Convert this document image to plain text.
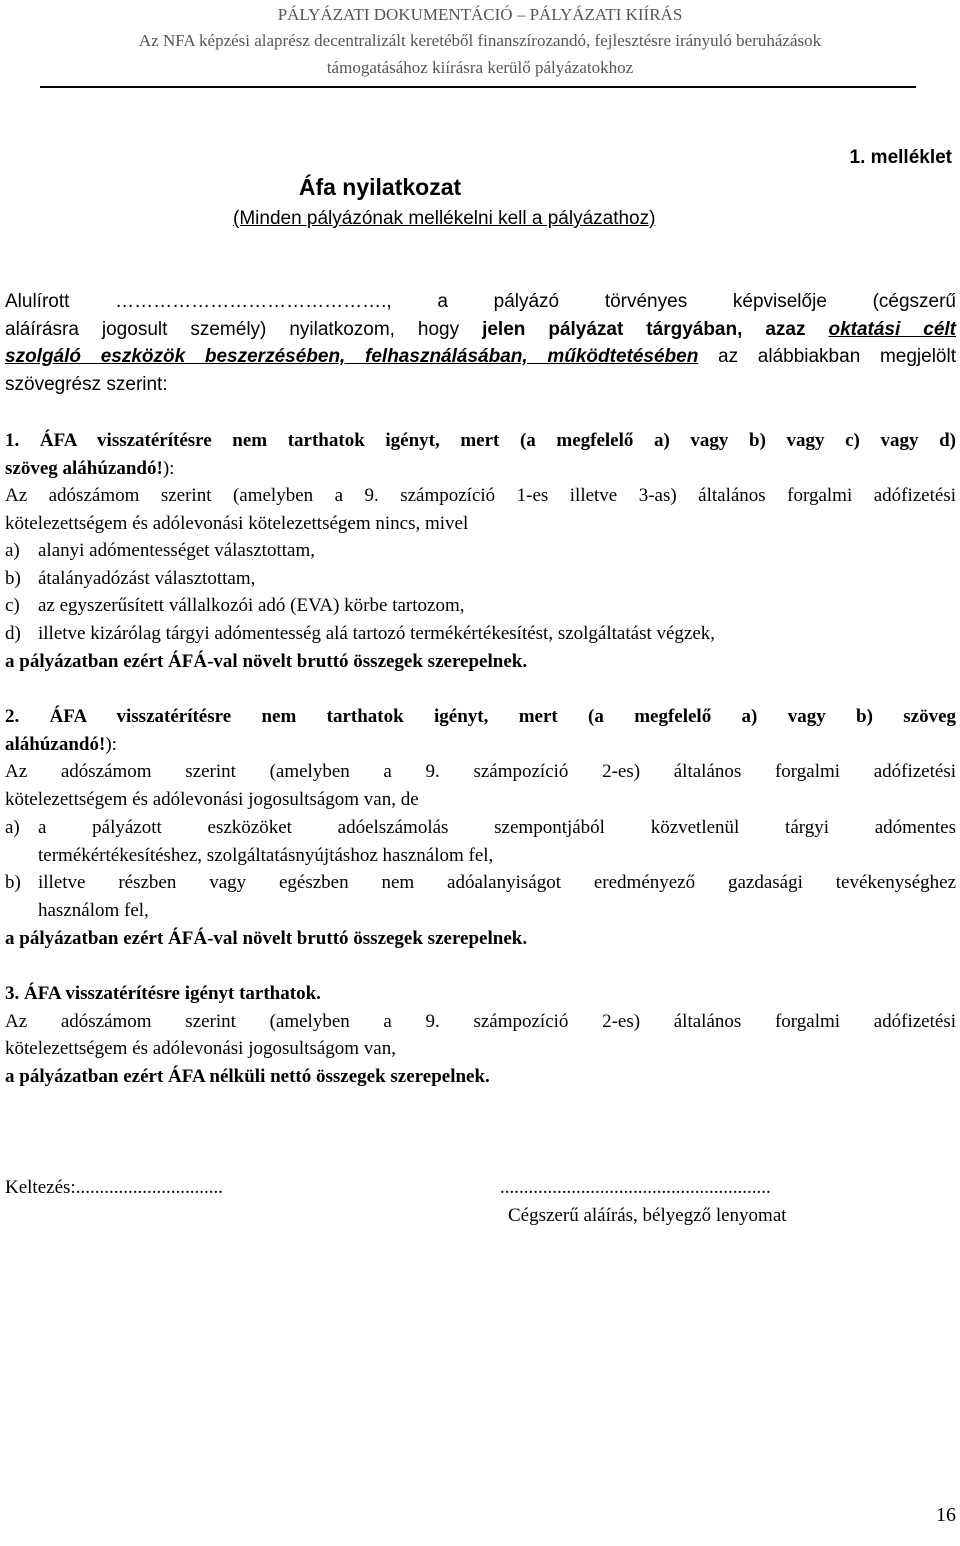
PÁLYÁZATI DOKUMENTÁCIÓ – PÁLYÁZATI KIÍRÁS
Az NFA képzési alaprész decentralizált keretéből finanszírozandó, fejlesztésre irányuló beruházások
támogatásához kiírásra kerülő pályázatokhoz
1. melléklet
Áfa nyilatkozat
(Minden pályázónak mellékelni kell a pályázathoz)
Alulírott ……………………………………., a pályázó törvényes képviselője (cégszerű
aláírásra jogosult személy) nyilatkozom, hogy jelen pályázat tárgyában, azaz oktatási célt
szolgáló eszközök beszerzésében, felhasználásában, működtetésében az alábbiakban megjelölt
szövegrész szerint:
1. ÁFA visszatérítésre nem tarthatok igényt, mert (a megfelelő a) vagy b) vagy c) vagy d)
szöveg aláhúzandó!):
Az adószámom szerint (amelyben a 9. számpozíció 1-es illetve 3-as) általános forgalmi adófizetési
kötelezettségem és adólevonási kötelezettségem nincs, mivel
a) alanyi adómentességet választottam,
b) átalányadózást választottam,
c) az egyszerűsített vállalkozói adó (EVA) körbe tartozom,
d) illetve kizárólag tárgyi adómentesség alá tartozó termékértékesítést, szolgáltatást végzek,
a pályázatban ezért ÁFÁ-val növelt bruttó összegek szerepelnek.
2. ÁFA visszatérítésre nem tarthatok igényt, mert (a megfelelő a) vagy b) szöveg
aláhúzandó!):
Az adószámom szerint (amelyben a 9. számpozíció 2-es) általános forgalmi adófizetési
kötelezettségem és adólevonási jogosultságom van, de
a) a pályázott eszközöket adóelszámolás szempontjából közvetlenül tárgyi adómentes
termékértékesítéshez, szolgáltatásnyújtáshoz használom fel,
b) illetve részben vagy egészben nem adóalanyiságot eredményező gazdasági tevékenységhez
használom fel,
a pályázatban ezért ÁFÁ-val növelt bruttó összegek szerepelnek.
3. ÁFA visszatérítésre igényt tarthatok.
Az adószámom szerint (amelyben a 9. számpozíció 2-es) általános forgalmi adófizetési
kötelezettségem és adólevonási jogosultságom van,
a pályázatban ezért ÁFA nélküli nettó összegek szerepelnek.
Keltezés:...............................	.........................................................
Cégszerű aláírás, bélyegző lenyomat
16
